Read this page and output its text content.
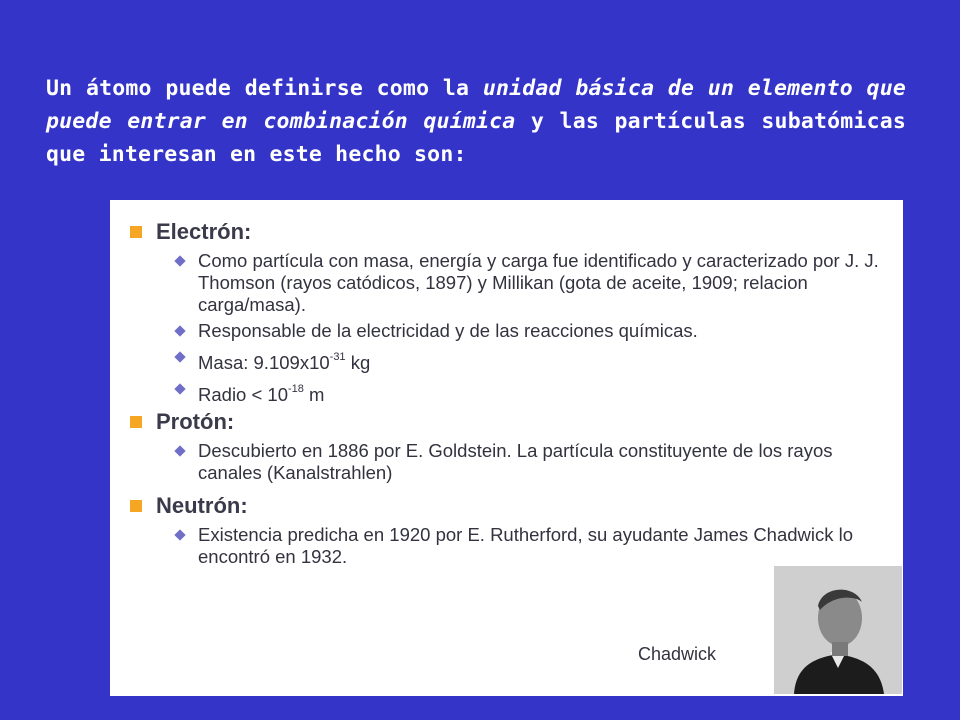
Un átomo puede definirse como la unidad básica de un elemento que puede entrar en combinación química y las partículas subatómicas que interesan en este hecho son:
Electrón:
Como partícula con masa, energía y carga fue identificado y caracterizado por J. J. Thomson (rayos catódicos, 1897) y Millikan (gota de aceite, 1909; relacion carga/masa).
Responsable de la electricidad y de las reacciones químicas.
Masa: $9.109x10^{-31}$ kg
Radio < $10^{-18}$ m
Protón:
Descubierto en 1886 por E. Goldstein. La partícula constituyente de los rayos canales (Kanalstrahlen)
Neutrón:
Existencia predicha en 1920 por E. Rutherford, su ayudante James Chadwick lo encontró en 1932.
Chadwick
